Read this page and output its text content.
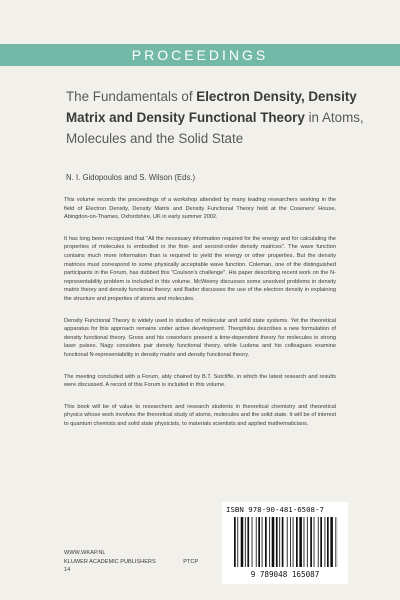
PROCEEDINGS
The Fundamentals of Electron Density, Density Matrix and Density Functional Theory in Atoms, Molecules and the Solid State
N. I. Gidopoulos and S. Wilson (Eds.)

This volume records the proceedings of a workshop attended by many leading researchers working in the field of Electron Density, Density Matrix and Density Functional Theory held at the Coseners' House, Abingdon-on-Thames, Oxfordshire, UK in early summer 2002.

It has long been recognized that "All the necessary information required for the energy and for calculating the properties of molecules is embodied in the first- and second-order density matrices". The wave function contains much more information than is required to yield the energy or other properties. But the density matrices must correspond to some physically acceptable wave function. Coleman, one of the distinguished participants in the Forum, has dubbed this "Coulson's challenge". His paper describing recent work on the N-representability problem is included in this volume. McWeeny discusses some unsolved problems in density matrix theory and density functional theory; and Bader discusses the use of the electron density in explaining the structure and properties of atoms and molecules.

Density Functional Theory is widely used in studies of molecular and solid state systems. Yet the theoretical apparatus for this approach remains under active development. Theophilou describes a new formulation of density functional theory. Gross and his coworkers present a time-dependent theory for molecules in strong laser pulses. Nagy considers pair density functional theory, while Ludena and his colleagues examine functional N-representability in density matrix and density functional theory.

The meeting concluded with a Forum, ably chaired by B.T. Sutcliffe, in which the latest research and results were discussed. A record of this Forum is included in this volume.

This book will be of value to researchers and research students in theoretical chemistry and theoretical physics whose work involves the theoretical study of atoms, molecules and the solid state. It will be of interest to quantum chemists and solid state physicists, to materials scientists and applied mathematicians.

WWW.WKAP.NL
KLUWER ACADEMIC PUBLISHERS	PTCP 14
ISBN 978-90-481-6508-7
9 789048 165087
